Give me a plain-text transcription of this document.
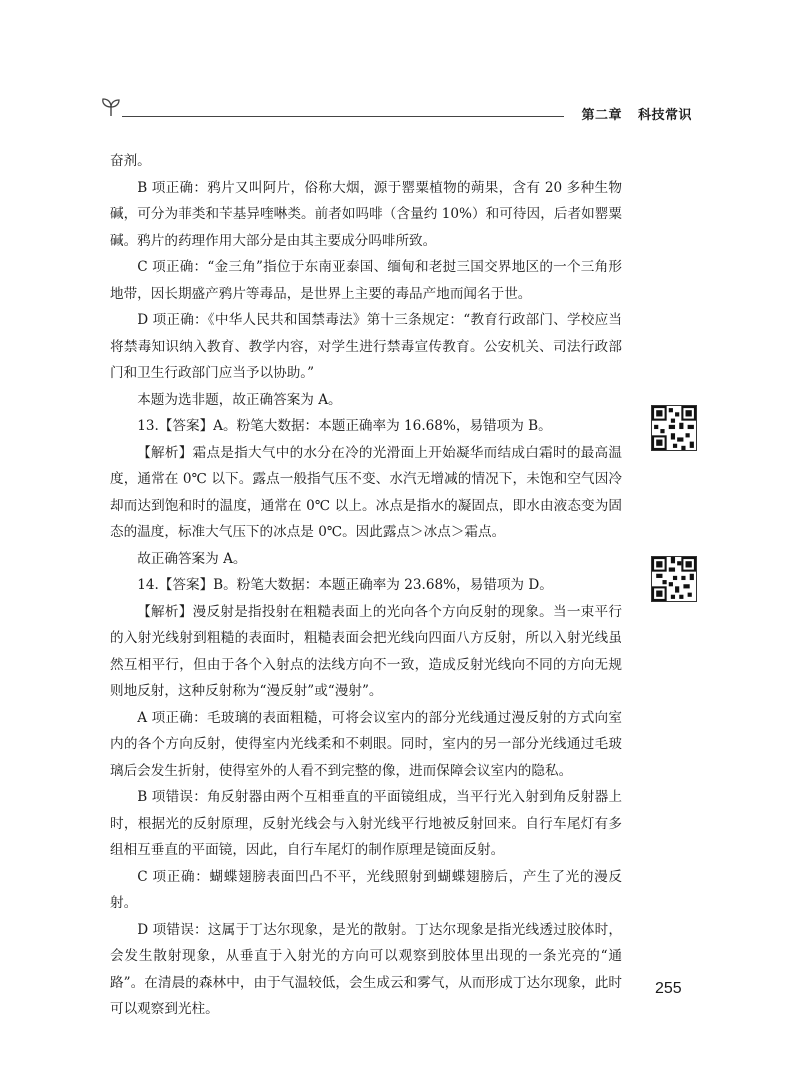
第二章 科技常识

奋剂。

B 项正确：鸦片又叫阿片，俗称大烟，源于罂粟植物的蒴果，含有 20 多种生物碱，可分为菲类和苄基异喹啉类。前者如吗啡（含量约 10%）和可待因，后者如罂粟碱。鸦片的药理作用大部分是由其主要成分吗啡所致。

C 项正确：“金三角”指位于东南亚泰国、缅甸和老挝三国交界地区的一个三角形地带，因长期盛产鸦片等毒品，是世界上主要的毒品产地而闻名于世。

D 项正确：《中华人民共和国禁毒法》第十三条规定：“教育行政部门、学校应当将禁毒知识纳入教育、教学内容，对学生进行禁毒宣传教育。公安机关、司法行政部门和卫生行政部门应当予以协助。”

本题为选非题，故正确答案为 A。

13.【答案】A。粉笔大数据：本题正确率为 16.68%，易错项为 B。

【解析】霜点是指大气中的水分在冷的光滑面上开始凝华而结成白霜时的最高温度，通常在 0℃ 以下。露点一般指气压不变、水汽无增减的情况下，未饱和空气因冷却而达到饱和时的温度，通常在 0℃ 以上。冰点是指水的凝固点，即水由液态变为固态的温度，标准大气压下的冰点是 0℃。因此露点＞冰点＞霜点。

故正确答案为 A。

14.【答案】B。粉笔大数据：本题正确率为 23.68%，易错项为 D。

【解析】漫反射是指投射在粗糙表面上的光向各个方向反射的现象。当一束平行的入射光线射到粗糙的表面时，粗糙表面会把光线向四面八方反射，所以入射光线虽然互相平行，但由于各个入射点的法线方向不一致，造成反射光线向不同的方向无规则地反射，这种反射称为“漫反射”或“漫射”。

A 项正确：毛玻璃的表面粗糙，可将会议室内的部分光线通过漫反射的方式向室内的各个方向反射，使得室内光线柔和不刺眼。同时，室内的另一部分光线通过毛玻璃后会发生折射，使得室外的人看不到完整的像，进而保障会议室内的隐私。

B 项错误：角反射器由两个互相垂直的平面镜组成，当平行光入射到角反射器上时，根据光的反射原理，反射光线会与入射光线平行地被反射回来。自行车尾灯有多组相互垂直的平面镜，因此，自行车尾灯的制作原理是镜面反射。

C 项正确：蝴蝶翅膀表面凹凸不平，光线照射到蝴蝶翅膀后，产生了光的漫反射。

D 项错误：这属于丁达尔现象，是光的散射。丁达尔现象是指光线透过胶体时，会发生散射现象，从垂直于入射光的方向可以观察到胶体里出现的一条光亮的“通路”。在清晨的森林中，由于气温较低，会生成云和雾气，从而形成丁达尔现象，此时可以观察到光柱。

255
